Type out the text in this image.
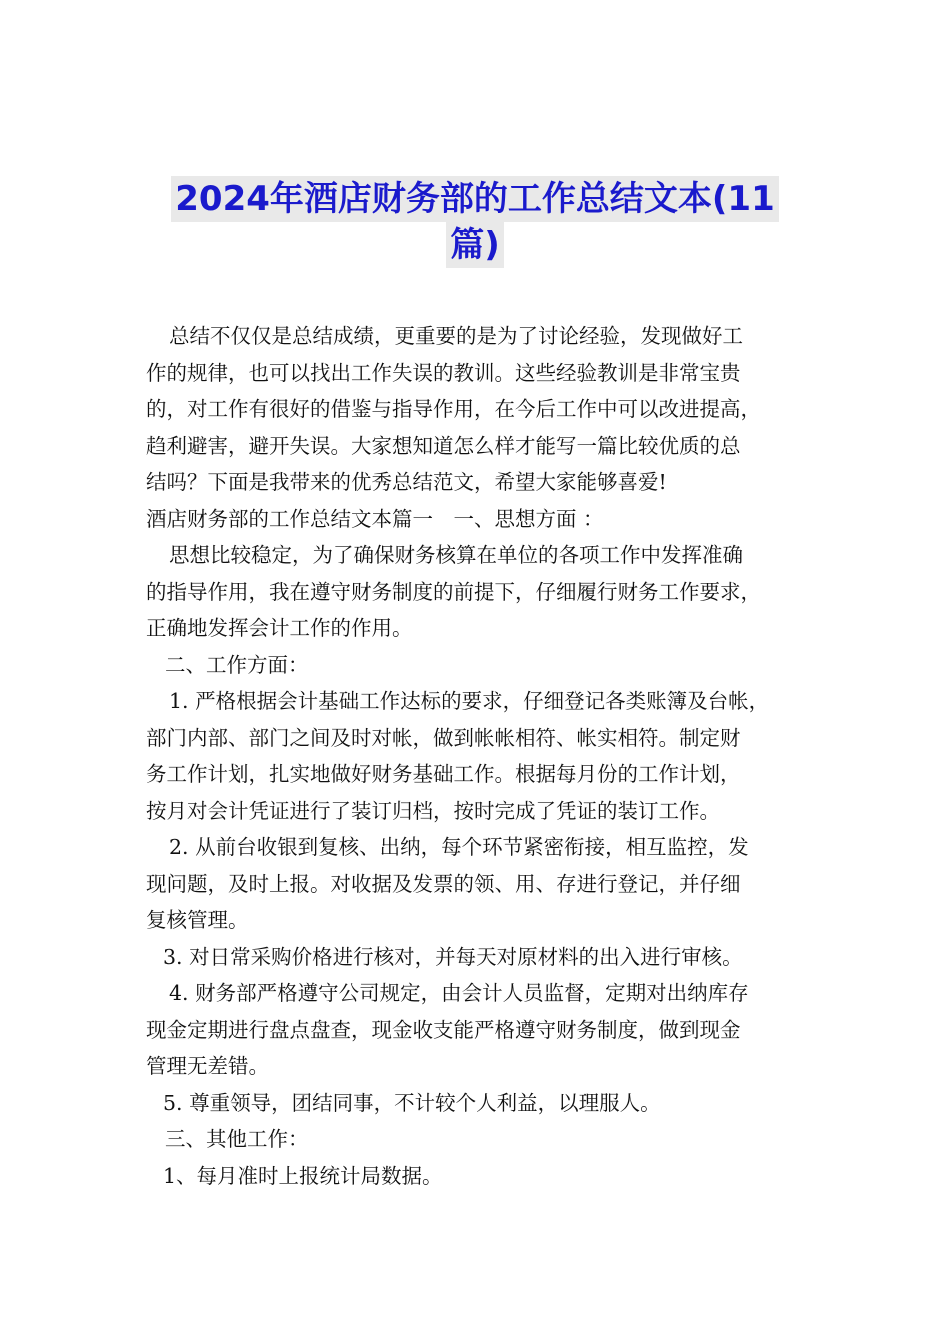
2024年酒店财务部的工作总结文本(11
篇)

总结不仅仅是总结成绩，更重要的是为了讨论经验，发现做好工

作的规律，也可以找出工作失误的教训。这些经验教训是非常宝贵

的，对工作有很好的借鉴与指导作用，在今后工作中可以改进提高，

趋利避害，避开失误。大家想知道怎么样才能写一篇比较优质的总

结吗？下面是我带来的优秀总结范文，希望大家能够喜爱!

酒店财务部的工作总结文本篇一　一、思想方面 ：

思想比较稳定，为了确保财务核算在单位的各项工作中发挥准确

的指导作用，我在遵守财务制度的前提下，仔细履行财务工作要求，

正确地发挥会计工作的作用。

二、工作方面：

1. 严格根据会计基础工作达标的要求，仔细登记各类账簿及台帐，

部门内部、部门之间及时对帐，做到帐帐相符、帐实相符。制定财

务工作计划，扎实地做好财务基础工作。根据每月份的工作计划，

按月对会计凭证进行了装订归档，按时完成了凭证的装订工作。

2. 从前台收银到复核、出纳，每个环节紧密衔接，相互监控，发

现问题，及时上报。对收据及发票的领、用、存进行登记，并仔细

复核管理。

3. 对日常采购价格进行核对，并每天对原材料的出入进行审核。

4. 财务部严格遵守公司规定，由会计人员监督，定期对出纳库存

现金定期进行盘点盘查，现金收支能严格遵守财务制度，做到现金

管理无差错。

5. 尊重领导，团结同事，不计较个人利益，以理服人。

三、其他工作：

1、每月准时上报统计局数据。
